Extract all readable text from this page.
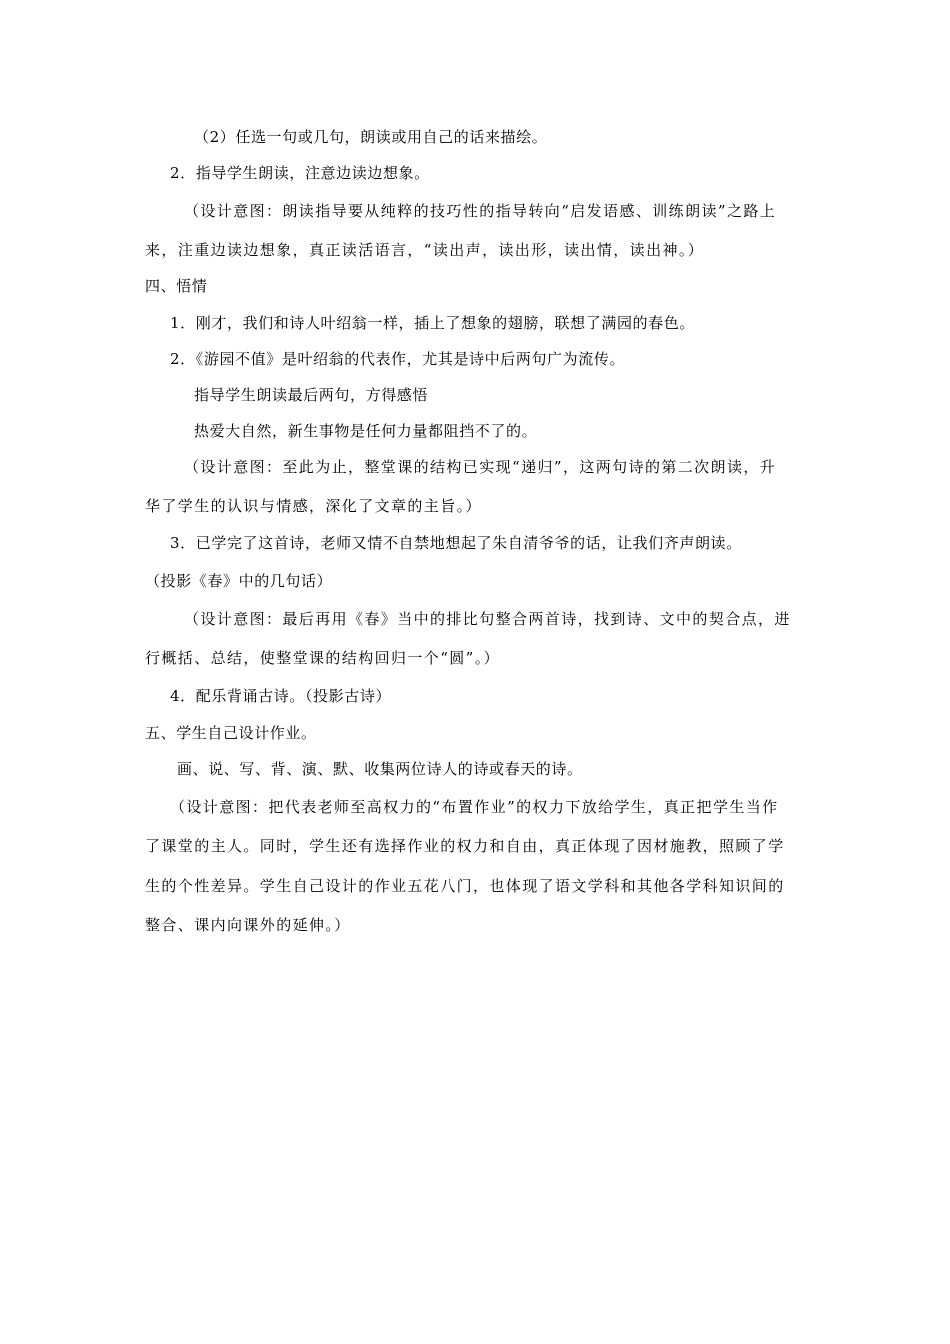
（2）任选一句或几句，朗读或用自己的话来描绘。
2．指导学生朗读，注意边读边想象。
（设计意图：朗读指导要从纯粹的技巧性的指导转向“启发语感、训练朗读”之路上
来，注重边读边想象，真正读活语言，“读出声，读出形，读出情，读出神。）
四、悟情
1．刚才，我们和诗人叶绍翁一样，插上了想象的翅膀，联想了满园的春色。
2．《游园不值》是叶绍翁的代表作，尤其是诗中后两句广为流传。
指导学生朗读最后两句，方得感悟
热爱大自然，新生事物是任何力量都阻挡不了的。
（设计意图：至此为止，整堂课的结构已实现“递归”，这两句诗的第二次朗读，升
华了学生的认识与情感，深化了文章的主旨。）
3．已学完了这首诗，老师又情不自禁地想起了朱自清爷爷的话，让我们齐声朗读。
（投影《春》中的几句话）
（设计意图：最后再用《春》当中的排比句整合两首诗，找到诗、文中的契合点，进
行概括、总结，使整堂课的结构回归一个“圆”。）
4．配乐背诵古诗。（投影古诗）
五、学生自己设计作业。
画、说、写、背、演、默、收集两位诗人的诗或春天的诗。
（设计意图：把代表老师至高权力的“布置作业”的权力下放给学生，真正把学生当作
了课堂的主人。同时，学生还有选择作业的权力和自由，真正体现了因材施教，照顾了学
生的个性差异。学生自己设计的作业五花八门，也体现了语文学科和其他各学科知识间的
整合、课内向课外的延伸。）
